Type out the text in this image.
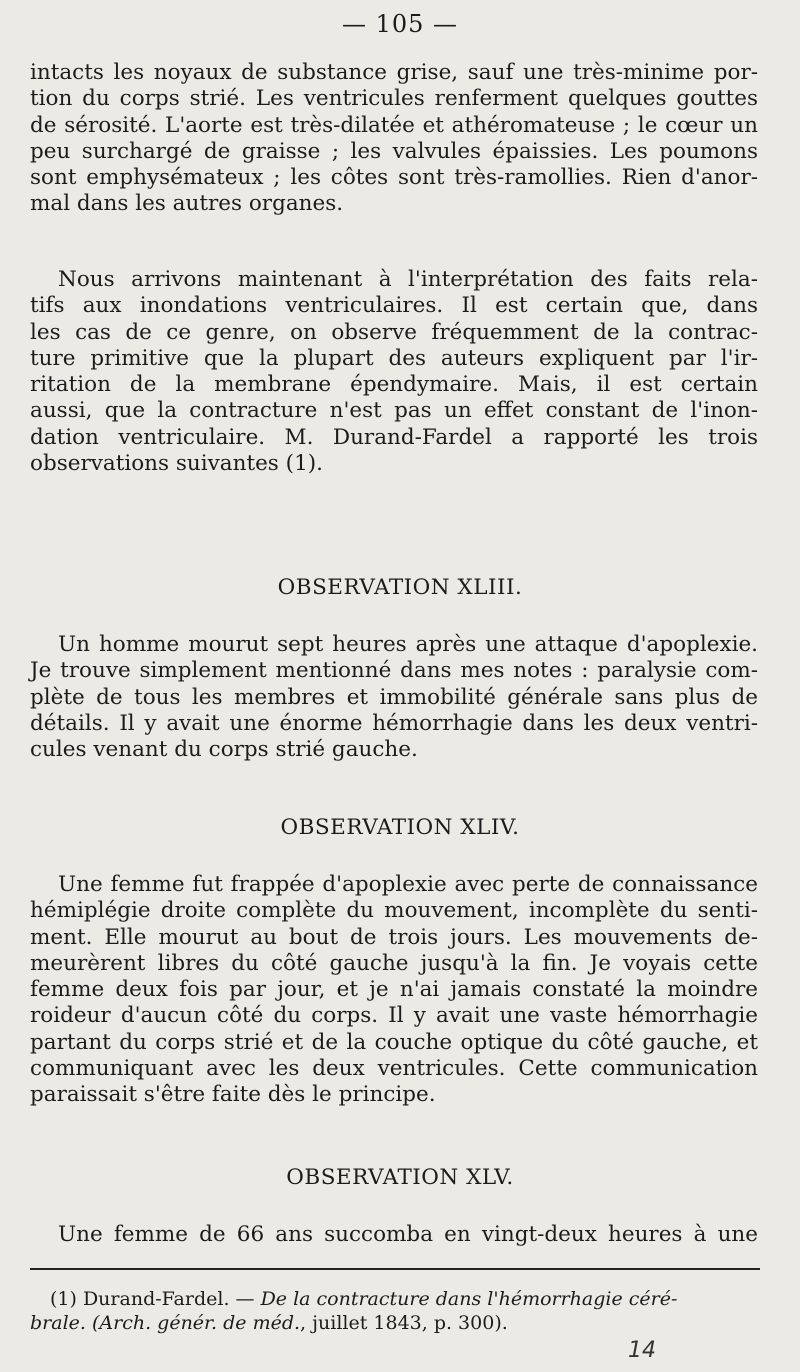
— 105 —
intacts les noyaux de substance grise, sauf une très-minime por-
tion du corps strié. Les ventricules renferment quelques gouttes
de sérosité. L'aorte est très-dilatée et athéromateuse ; le cœur un
peu surchargé de graisse ; les valvules épaissies. Les poumons
sont emphysémateux ; les côtes sont très-ramollies. Rien d'anor-
mal dans les autres organes.
Nous arrivons maintenant à l'interprétation des faits rela-
tifs aux inondations ventriculaires. Il est certain que, dans
les cas de ce genre, on observe fréquemment de la contrac-
ture primitive que la plupart des auteurs expliquent par l'ir-
ritation de la membrane épendymaire. Mais, il est certain
aussi, que la contracture n'est pas un effet constant de l'inon-
dation ventriculaire. M. Durand-Fardel a rapporté les trois
observations suivantes (1).
OBSERVATION XLIII.
Un homme mourut sept heures après une attaque d'apoplexie.
Je trouve simplement mentionné dans mes notes : paralysie com-
plète de tous les membres et immobilité générale sans plus de
détails. Il y avait une énorme hémorrhagie dans les deux ventri-
cules venant du corps strié gauche.
OBSERVATION XLIV.
Une femme fut frappée d'apoplexie avec perte de connaissance
hémiplégie droite complète du mouvement, incomplète du senti-
ment. Elle mourut au bout de trois jours. Les mouvements de-
meurèrent libres du côté gauche jusqu'à la fin. Je voyais cette
femme deux fois par jour, et je n'ai jamais constaté la moindre
roideur d'aucun côté du corps. Il y avait une vaste hémorrhagie
partant du corps strié et de la couche optique du côté gauche, et
communiquant avec les deux ventricules. Cette communication
paraissait s'être faite dès le principe.
OBSERVATION XLV.
Une femme de 66 ans succomba en vingt-deux heures à une
(1) Durand-Fardel. — De la contracture dans l'hémorrhagie céré-
brale. (Arch. génér. de méd., juillet 1843, p. 300).
14
